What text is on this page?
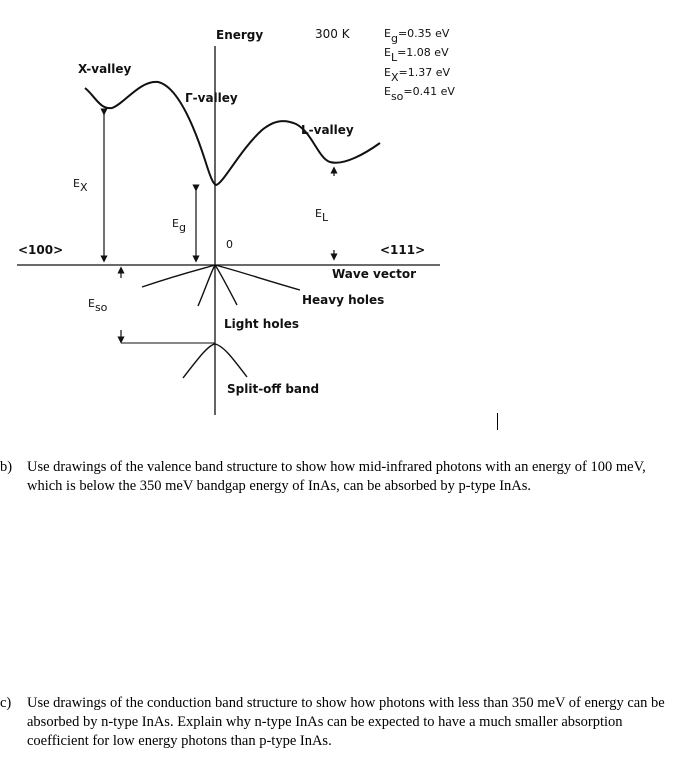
Energy	300 K	Eg=0.35 eV
EL=1.08 eV
EX=1.37 eV
Eso=0.41 eV
X-valley
Γ-valley
L-valley
EX
Eg
EL
Eso
0
<100>	<111>
Wave vector
Heavy holes
Light holes
Split-off band
b) Use drawings of the valence band structure to show how mid-infrared photons with an energy of 100 meV, which is below the 350 meV bandgap energy of InAs, can be absorbed by p-type InAs.
c) Use drawings of the conduction band structure to show how photons with less than 350 meV of energy can be absorbed by n-type InAs. Explain why n-type InAs can be expected to have a much smaller absorption coefficient for low energy photons than p-type InAs.
